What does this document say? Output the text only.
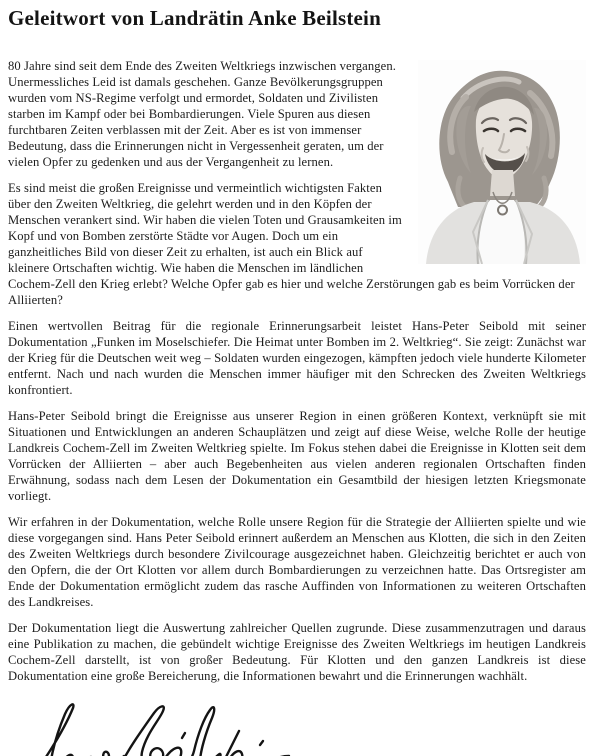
Geleitwort von Landrätin Anke Beilstein

80 Jahre sind seit dem Ende des Zweiten Weltkriegs inzwischen vergangen. Unermessliches Leid ist damals geschehen. Ganze Bevölkerungsgruppen wurden vom NS-Regime verfolgt und ermordet, Soldaten und Zivilisten starben im Kampf oder bei Bombardierungen. Viele Spuren aus diesen furchtbaren Zeiten verblassen mit der Zeit. Aber es ist von immenser Bedeutung, dass die Erinnerungen nicht in Vergessenheit geraten, um der vielen Opfer zu gedenken und aus der Vergangenheit zu lernen.

Es sind meist die großen Ereignisse und vermeintlich wichtigsten Fakten über den Zweiten Weltkrieg, die gelehrt werden und in den Köpfen der Menschen verankert sind. Wir haben die vielen Toten und Grausamkeiten im Kopf und von Bomben zerstörte Städte vor Augen. Doch um ein ganzheitliches Bild von dieser Zeit zu erhalten, ist auch ein Blick auf kleinere Ortschaften wichtig. Wie haben die Menschen im ländlichen Cochem-Zell den Krieg erlebt? Welche Opfer gab es hier und welche Zerstörungen gab es beim Vorrücken der Alliierten?

Einen wertvollen Beitrag für die regionale Erinnerungsarbeit leistet Hans-Peter Seibold mit seiner Dokumentation „Funken im Moselschiefer. Die Heimat unter Bomben im 2. Weltkrieg“. Sie zeigt: Zunächst war der Krieg für die Deutschen weit weg – Soldaten wurden eingezogen, kämpften jedoch viele hunderte Kilometer entfernt. Nach und nach wurden die Menschen immer häufiger mit den Schrecken des Zweiten Weltkriegs konfrontiert.

Hans-Peter Seibold bringt die Ereignisse aus unserer Region in einen größeren Kontext, verknüpft sie mit Situationen und Entwicklungen an anderen Schauplätzen und zeigt auf diese Weise, welche Rolle der heutige Landkreis Cochem-Zell im Zweiten Weltkrieg spielte. Im Fokus stehen dabei die Ereignisse in Klotten seit dem Vorrücken der Alliierten – aber auch Begebenheiten aus vielen anderen regionalen Ortschaften finden Erwähnung, sodass nach dem Lesen der Dokumentation ein Gesamtbild der hiesigen letzten Kriegsmonate vorliegt.

Wir erfahren in der Dokumentation, welche Rolle unsere Region für die Strategie der Alliierten spielte und wie diese vorgegangen sind. Hans Peter Seibold erinnert außerdem an Menschen aus Klotten, die sich in den Zeiten des Zweiten Weltkriegs durch besondere Zivilcourage ausgezeichnet haben. Gleichzeitig berichtet er auch von den Opfern, die der Ort Klotten vor allem durch Bombardierungen zu verzeichnen hatte. Das Ortsregister am Ende der Dokumentation ermöglicht zudem das rasche Auffinden von Informationen zu weiteren Ortschaften des Landkreises.

Der Dokumentation liegt die Auswertung zahlreicher Quellen zugrunde. Diese zusammenzutragen und daraus eine Publikation zu machen, die gebündelt wichtige Ereignisse des Zweiten Weltkriegs im heutigen Landkreis Cochem-Zell darstellt, ist von großer Bedeutung. Für Klotten und den ganzen Landkreis ist diese Dokumentation eine große Bereicherung, die Informationen bewahrt und die Erinnerungen wachhält.
